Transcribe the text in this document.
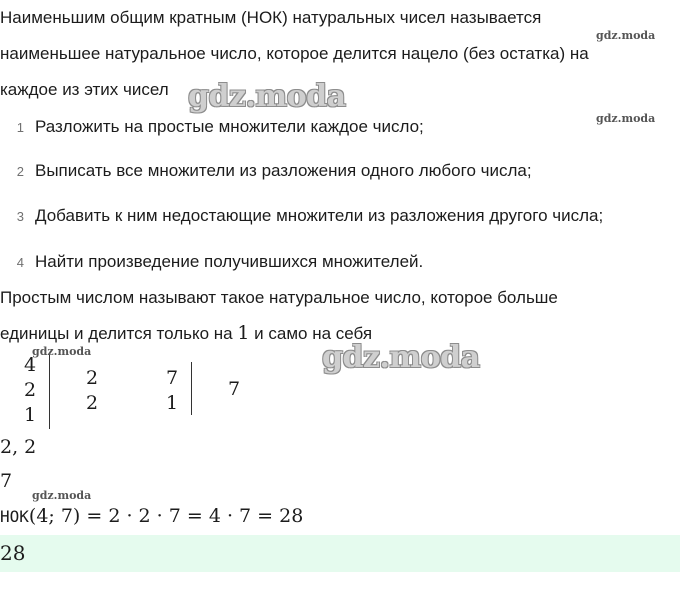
Наименьшим общим кратным (НОК) натуральных чисел называется
наименьшее натуральное число, которое делится нацело (без остатка) на
каждое из этих чисел
1 Разложить на простые множители каждое число;
2 Выписать все множители из разложения одного любого числа;
3 Добавить к ним недостающие множители из разложения другого числа;
4 Найти произведение получившихся множителей.
Простым числом называют такое натуральное число, которое больше
единицы и делится только на 1 и само на себя
4
2
1
2
2
7
1
7
2, 2
7
НОК(4; 7) = 2 · 2 · 7 = 4 · 7 = 28
28
gdz.moda
gdz.moda
gdz.moda
gdz.moda
gdz.moda
gdz.moda
